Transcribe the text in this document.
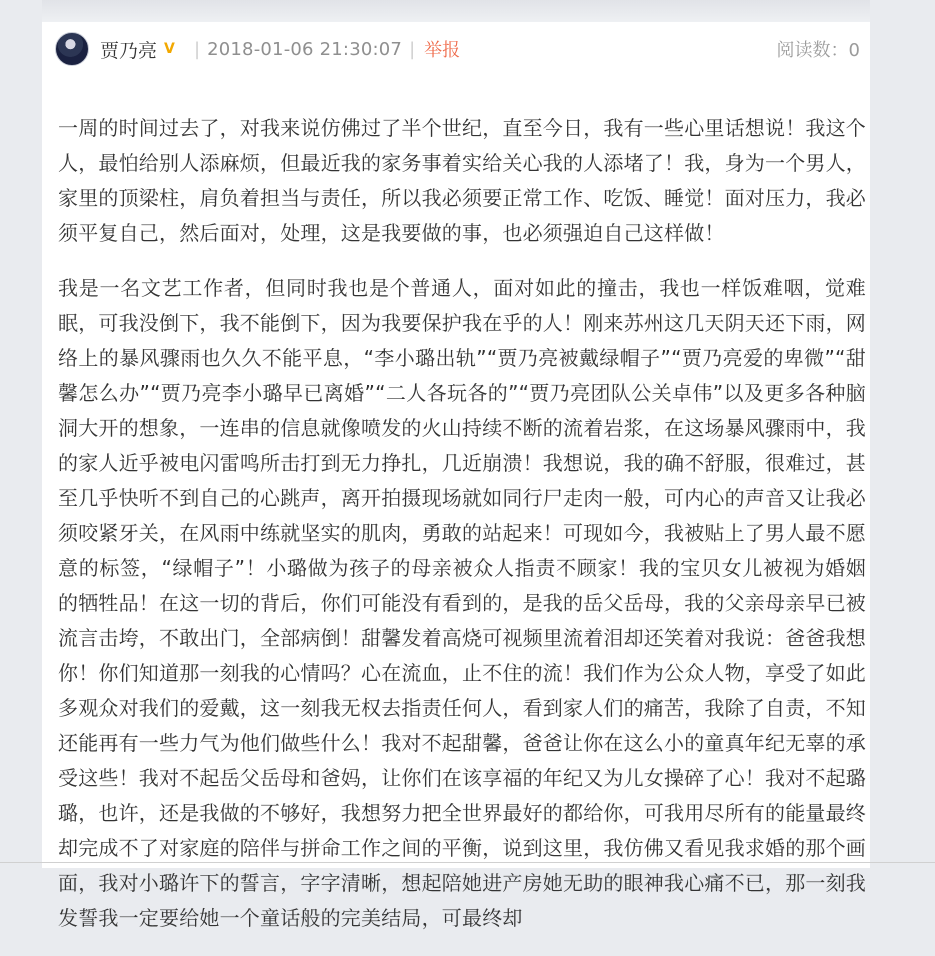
贾乃亮 V | 2018-01-06 21:30:07 | 举报	阅读数：0

一周的时间过去了，对我来说仿佛过了半个世纪，直至今日，我有一些心里话想说！我这个人，最怕给别人添麻烦，但最近我的家务事着实给关心我的人添堵了！我，身为一个男人，家里的顶梁柱，肩负着担当与责任，所以我必须要正常工作、吃饭、睡觉！面对压力，我必须平复自己，然后面对，处理，这是我要做的事，也必须强迫自己这样做！

我是一名文艺工作者，但同时我也是个普通人，面对如此的撞击，我也一样饭难咽，觉难眠，可我没倒下，我不能倒下，因为我要保护我在乎的人！刚来苏州这几天阴天还下雨，网络上的暴风骤雨也久久不能平息，“李小璐出轨”“贾乃亮被戴绿帽子”“贾乃亮爱的卑微”“甜馨怎么办”“贾乃亮李小璐早已离婚”“二人各玩各的”“贾乃亮团队公关卓伟”以及更多各种脑洞大开的想象，一连串的信息就像喷发的火山持续不断的流着岩浆，在这场暴风骤雨中，我的家人近乎被电闪雷鸣所击打到无力挣扎，几近崩溃！我想说，我的确不舒服，很难过，甚至几乎快听不到自己的心跳声，离开拍摄现场就如同行尸走肉一般，可内心的声音又让我必须咬紧牙关，在风雨中练就坚实的肌肉，勇敢的站起来！可现如今，我被贴上了男人最不愿意的标签，“绿帽子”！小璐做为孩子的母亲被众人指责不顾家！我的宝贝女儿被视为婚姻的牺牲品！在这一切的背后，你们可能没有看到的，是我的岳父岳母，我的父亲母亲早已被流言击垮，不敢出门，全部病倒！甜馨发着高烧可视频里流着泪却还笑着对我说：爸爸我想你！你们知道那一刻我的心情吗？心在流血，止不住的流！我们作为公众人物，享受了如此多观众对我们的爱戴，这一刻我无权去指责任何人，看到家人们的痛苦，我除了自责，不知还能再有一些力气为他们做些什么！我对不起甜馨，爸爸让你在这么小的童真年纪无辜的承受这些！我对不起岳父岳母和爸妈，让你们在该享福的年纪又为儿女操碎了心！我对不起璐璐，也许，还是我做的不够好，我想努力把全世界最好的都给你，可我用尽所有的能量最终却完成不了对家庭的陪伴与拼命工作之间的平衡，说到这里，我仿佛又看见我求婚的那个画面，我对小璐许下的誓言，字字清晰，想起陪她进产房她无助的眼神我心痛不已，那一刻我发誓我一定要给她一个童话般的完美结局，可最终却
